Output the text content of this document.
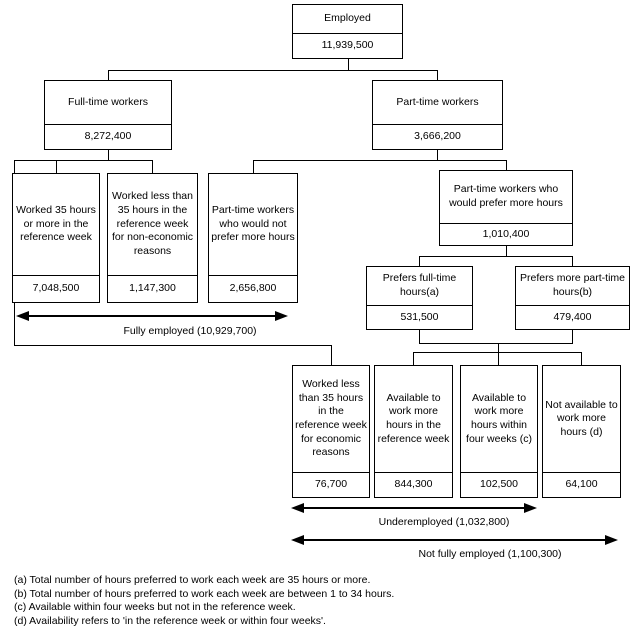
Employed
11,939,500
Full-time workers
8,272,400
Part-time workers
3,666,200
Worked 35 hours or more in the reference week
7,048,500
Worked less than 35 hours in the reference week for non-economic reasons
1,147,300
Part-time workers who would not prefer more hours
2,656,800
Part-time workers who would prefer more hours
1,010,400
Prefers full-time hours(a)
531,500
Prefers more part-time hours(b)
479,400
Worked less than 35 hours in the reference week for economic reasons
76,700
Available to work more hours in the reference week
844,300
Available to work more hours within four weeks (c)
102,500
Not available to work more hours (d)
64,100
Fully employed (10,929,700)
Underemployed (1,032,800)
Not fully employed (1,100,300)
(a) Total number of hours preferred to work each week are 35 hours or more.
(b) Total number of hours preferred to work each week are between 1 to 34 hours.
(c) Available within four weeks but not in the reference week.
(d) Availability refers to 'in the reference week or within four weeks'.
